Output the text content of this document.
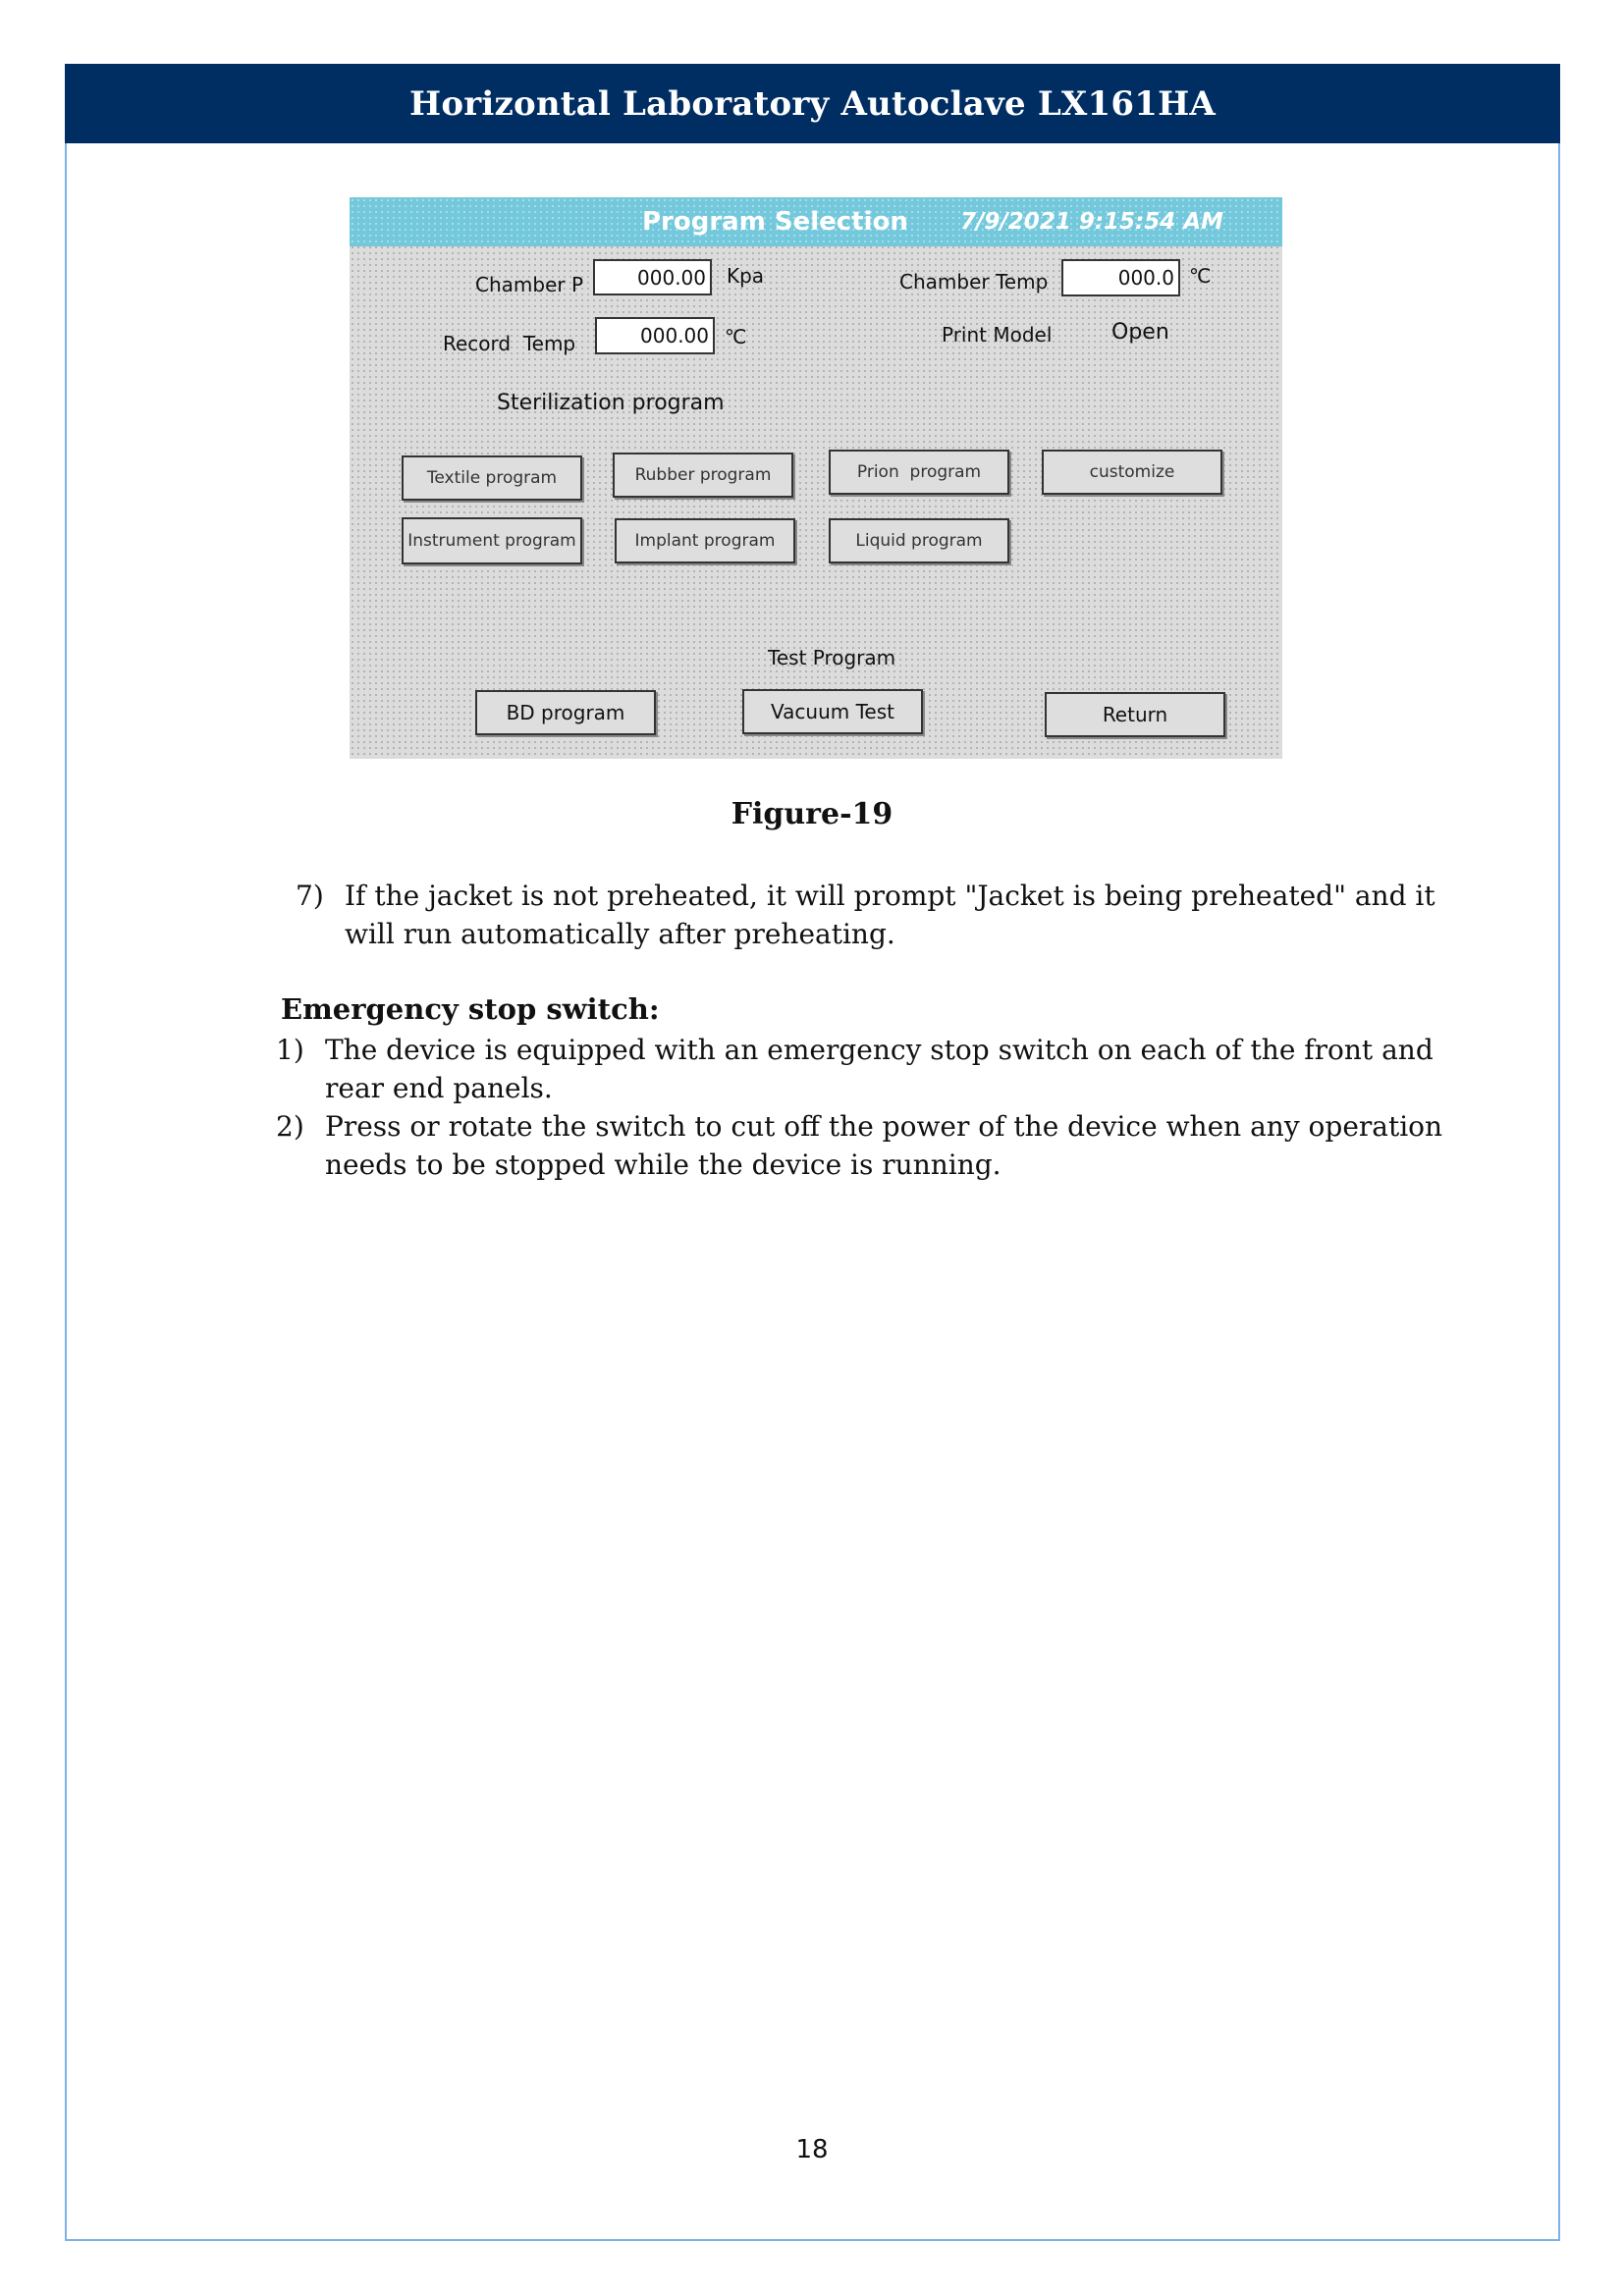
Horizontal Laboratory Autoclave LX161HA
Program Selection 7/9/2021 9:15:54 AM
Chamber P	000.00	Kpa	Chamber Temp	000.0 ℃
Record  Temp	000.00 ℃	Print Model	Open
Sterilization program
Textile program	Rubber program	Prion  program	customize
Instrument program	Implant program	Liquid program
Test Program
BD program	Vacuum Test	Return
Figure-19
7) If the jacket is not preheated, it will prompt "Jacket is being preheated" and it
will run automatically after preheating.
Emergency stop switch:
1) The device is equipped with an emergency stop switch on each of the front and
rear end panels.
2) Press or rotate the switch to cut off the power of the device when any operation
needs to be stopped while the device is running.
18
